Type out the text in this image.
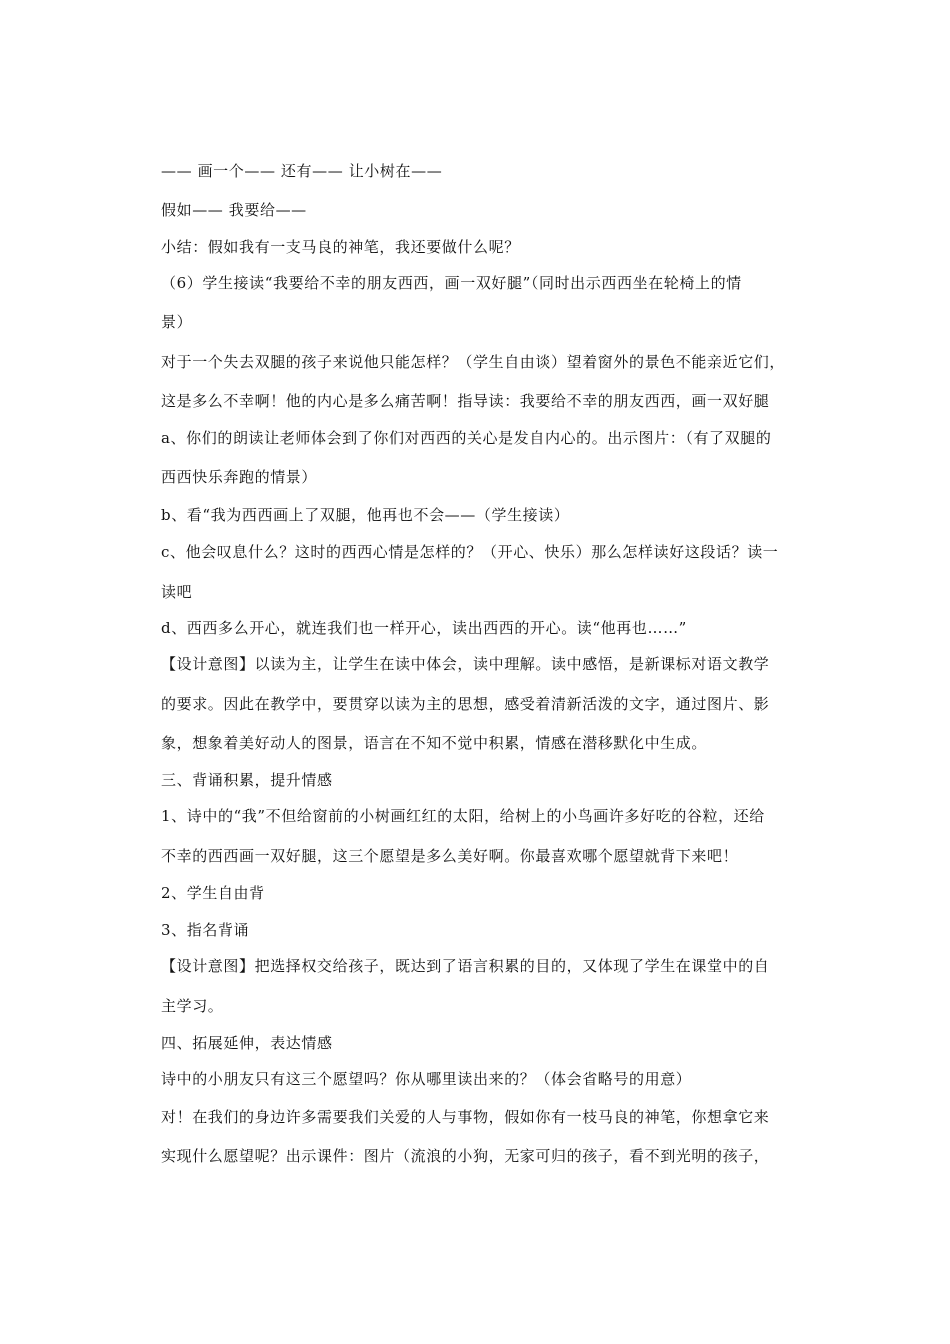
—— 画一个—— 还有—— 让小树在——
假如—— 我要给——
小结：假如我有一支马良的神笔，我还要做什么呢？
（6）学生接读“我要给不幸的朋友西西，画一双好腿”（同时出示西西坐在轮椅上的情
景）
对于一个失去双腿的孩子来说他只能怎样？（学生自由谈）望着窗外的景色不能亲近它们，
这是多么不幸啊！他的内心是多么痛苦啊！指导读：我要给不幸的朋友西西，画一双好腿
a、你们的朗读让老师体会到了你们对西西的关心是发自内心的。出示图片：（有了双腿的
西西快乐奔跑的情景）
b、看“我为西西画上了双腿，他再也不会——（学生接读）
c、他会叹息什么？这时的西西心情是怎样的？（开心、快乐）那么怎样读好这段话？读一
读吧
d、西西多么开心，就连我们也一样开心，读出西西的开心。读“他再也……”
【设计意图】以读为主，让学生在读中体会，读中理解。读中感悟，是新课标对语文教学
的要求。因此在教学中，要贯穿以读为主的思想，感受着清新活泼的文字，通过图片、影
象，想象着美好动人的图景，语言在不知不觉中积累，情感在潜移默化中生成。
三、背诵积累，提升情感
1、诗中的“我”不但给窗前的小树画红红的太阳，给树上的小鸟画许多好吃的谷粒，还给
不幸的西西画一双好腿，这三个愿望是多么美好啊。你最喜欢哪个愿望就背下来吧！
2、学生自由背
3、指名背诵
【设计意图】把选择权交给孩子，既达到了语言积累的目的，又体现了学生在课堂中的自
主学习。
四、拓展延伸，表达情感
诗中的小朋友只有这三个愿望吗？你从哪里读出来的？（体会省略号的用意）
对！在我们的身边许多需要我们关爱的人与事物，假如你有一枝马良的神笔，你想拿它来
实现什么愿望呢？出示课件：图片（流浪的小狗，无家可归的孩子，看不到光明的孩子，
